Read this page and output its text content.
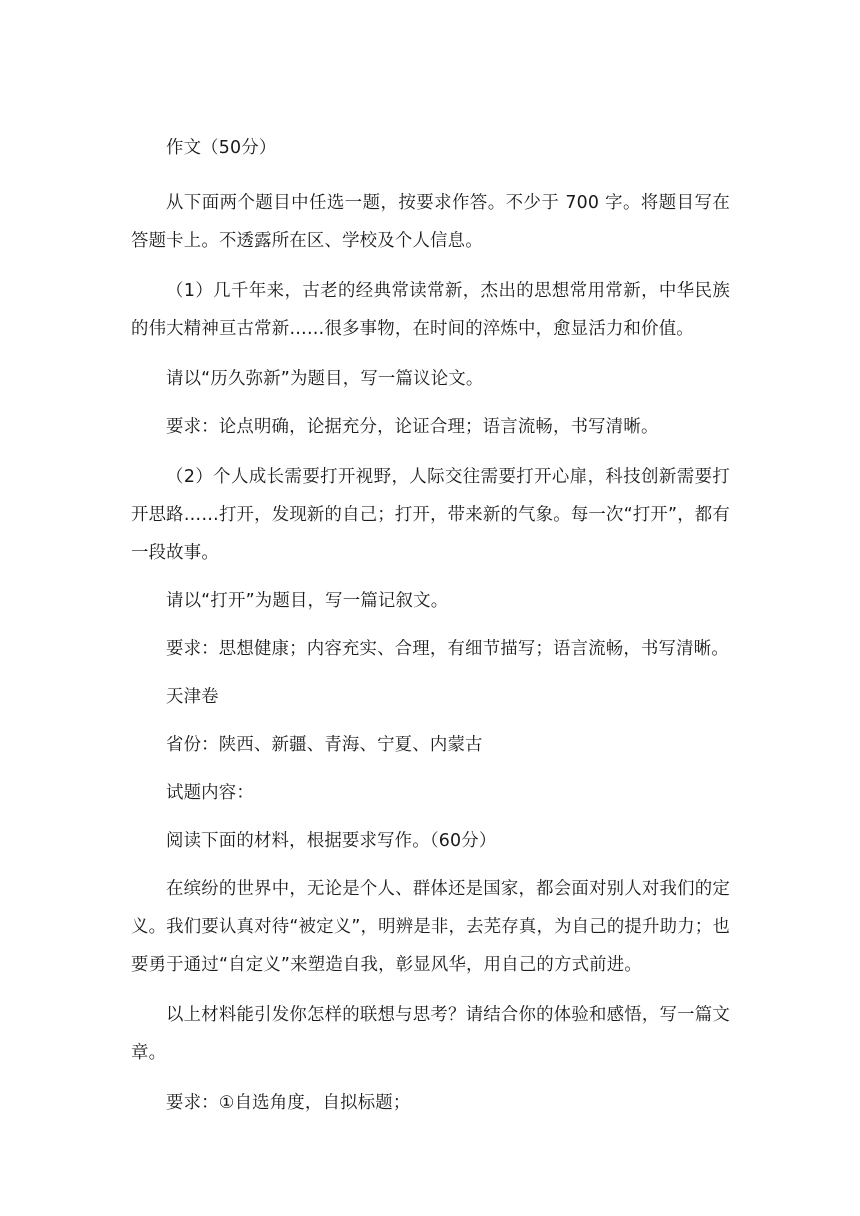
作文（50分）

从下面两个题目中任选一题，按要求作答。不少于 700 字。将题目写在答题卡上。不透露所在区、学校及个人信息。

（1）几千年来，古老的经典常读常新，杰出的思想常用常新，中华民族的伟大精神亘古常新……很多事物，在时间的淬炼中，愈显活力和价值。

请以“历久弥新”为题目，写一篇议论文。

要求：论点明确，论据充分，论证合理；语言流畅，书写清晰。

（2）个人成长需要打开视野，人际交往需要打开心扉，科技创新需要打开思路……打开，发现新的自己；打开，带来新的气象。每一次“打开”，都有一段故事。

请以“打开”为题目，写一篇记叙文。

要求：思想健康；内容充实、合理，有细节描写；语言流畅，书写清晰。

天津卷

省份：陕西、新疆、青海、宁夏、内蒙古

试题内容：

阅读下面的材料，根据要求写作。（60分）

在缤纷的世界中，无论是个人、群体还是国家，都会面对别人对我们的定义。我们要认真对待“被定义”，明辨是非，去芜存真，为自己的提升助力；也要勇于通过“自定义”来塑造自我，彰显风华，用自己的方式前进。

以上材料能引发你怎样的联想与思考？请结合你的体验和感悟，写一篇文章。

要求：①自选角度，自拟标题；
